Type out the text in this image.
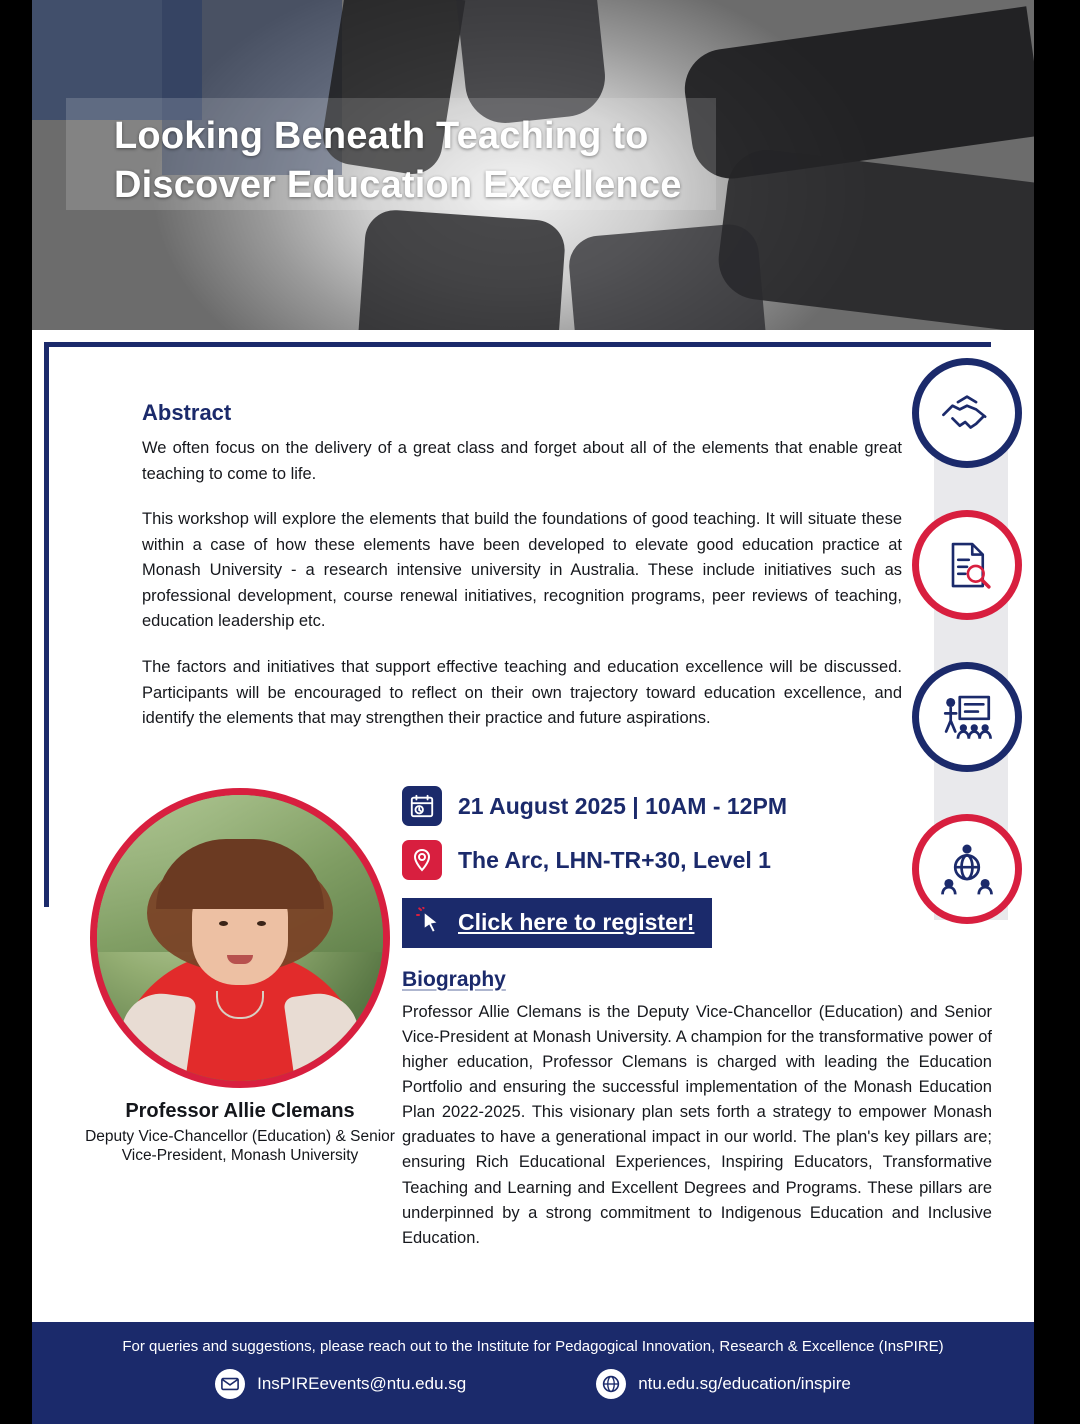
Looking Beneath Teaching to Discover Education Excellence
Abstract

We often focus on the delivery of a great class and forget about all of the elements that enable great teaching to come to life.

This workshop will explore the elements that build the foundations of good teaching. It will situate these within a case of how these elements have been developed to elevate good education practice at Monash University - a research intensive university in Australia. These include initiatives such as professional development, course renewal initiatives, recognition programs, peer reviews of teaching, education leadership etc.

The factors and initiatives that support effective teaching and education excellence will be discussed. Participants will be encouraged to reflect on their own trajectory toward education excellence, and identify the elements that may strengthen their practice and future aspirations.

21 August 2025 | 10AM - 12PM
The Arc, LHN-TR+30, Level 1
Click here to register!
Professor Allie Clemans
Deputy Vice-Chancellor (Education) & Senior Vice-President, Monash University
Biography

Professor Allie Clemans is the Deputy Vice-Chancellor (Education) and Senior Vice-President at Monash University. A champion for the transformative power of higher education, Professor Clemans is charged with leading the Education Portfolio and ensuring the successful implementation of the Monash Education Plan 2022-2025. This visionary plan sets forth a strategy to empower Monash graduates to have a generational impact in our world. The plan's key pillars are; ensuring Rich Educational Experiences, Inspiring Educators, Transformative Teaching and Learning and Excellent Degrees and Programs. These pillars are underpinned by a strong commitment to Indigenous Education and Inclusive Education.

For queries and suggestions, please reach out to the Institute for Pedagogical Innovation, Research & Excellence (InsPIRE)
InsPIREevents@ntu.edu.sg	ntu.edu.sg/education/inspire
